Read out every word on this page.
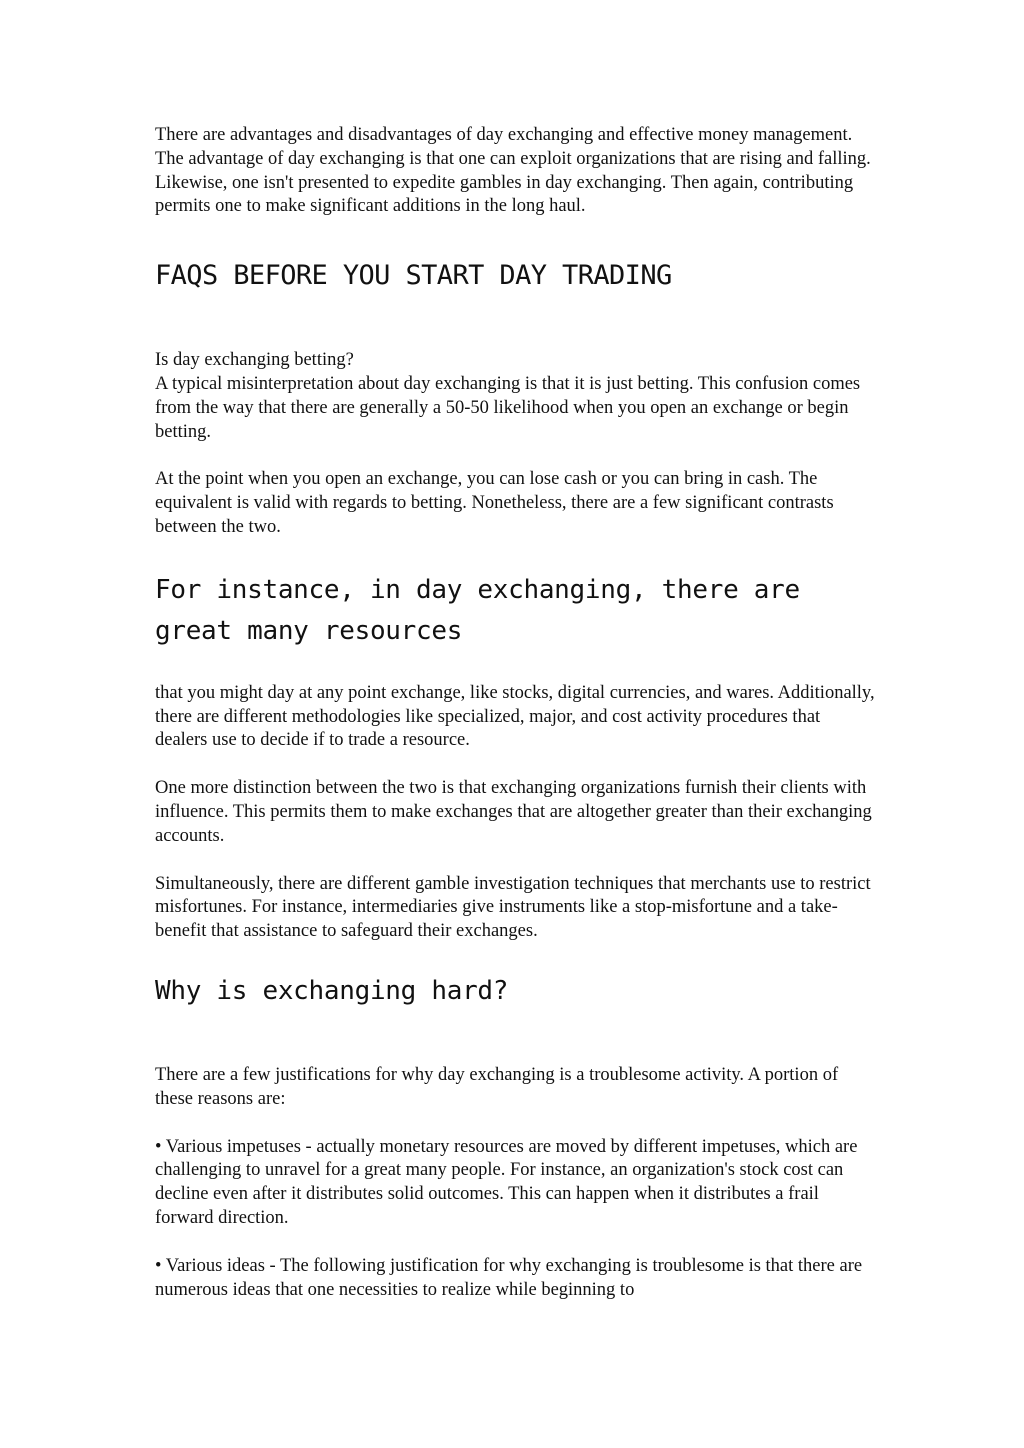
There are advantages and disadvantages of day exchanging and effective money management. The advantage of day exchanging is that one can exploit organizations that are rising and falling. Likewise, one isn't presented to expedite gambles in day exchanging. Then again, contributing permits one to make significant additions in the long haul.

FAQS BEFORE YOU START DAY TRADING

Is day exchanging betting?

A typical misinterpretation about day exchanging is that it is just betting. This confusion comes from the way that there are generally a 50-50 likelihood when you open an exchange or begin betting.

At the point when you open an exchange, you can lose cash or you can bring in cash. The equivalent is valid with regards to betting. Nonetheless, there are a few significant contrasts between the two.

For instance, in day exchanging, there are great many resources

that you might day at any point exchange, like stocks, digital currencies, and wares. Additionally, there are different methodologies like specialized, major, and cost activity procedures that dealers use to decide if to trade a resource.

One more distinction between the two is that exchanging organizations furnish their clients with influence. This permits them to make exchanges that are altogether greater than their exchanging accounts.

Simultaneously, there are different gamble investigation techniques that merchants use to restrict misfortunes. For instance, intermediaries give instruments like a stop-misfortune and a take-benefit that assistance to safeguard their exchanges.

Why is exchanging hard?

There are a few justifications for why day exchanging is a troublesome activity. A portion of these reasons are:

• Various impetuses - actually monetary resources are moved by different impetuses, which are challenging to unravel for a great many people. For instance, an organization's stock cost can decline even after it distributes solid outcomes. This can happen when it distributes a frail forward direction.

• Various ideas - The following justification for why exchanging is troublesome is that there are numerous ideas that one necessities to realize while beginning to
